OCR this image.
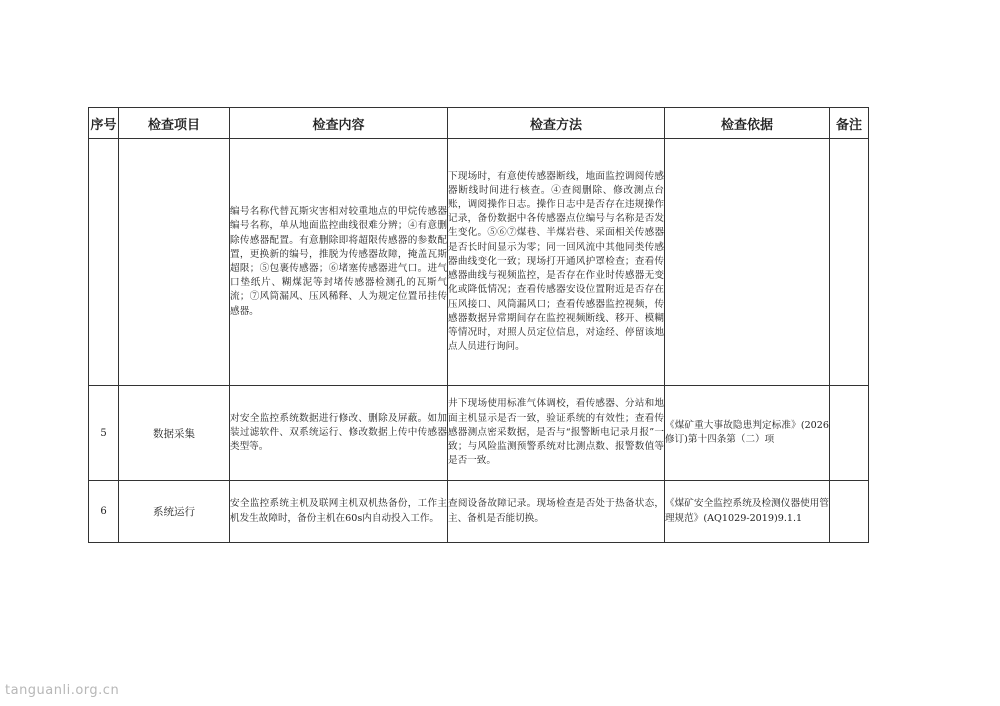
序号	检查项目	检查内容	检查方法	检查依据	备注
		编号名称代替瓦斯灾害相对较重地点的甲烷传感器编号名称，单从地面监控曲线很难分辨；④有意删除传感器配置。有意删除即将超限传感器的参数配置，更换新的编号，推脱为传感器故障，掩盖瓦斯超限；⑤包裹传感器；⑥堵塞传感器进气口。进气口垫纸片、糊煤泥等封堵传感器检测孔的瓦斯气流；⑦风筒漏风、压风稀释、人为规定位置吊挂传感器。	下现场时，有意使传感器断线，地面监控调阅传感器断线时间进行核查。④查阅删除、修改测点台账，调阅操作日志。操作日志中是否存在违规操作记录，备份数据中各传感器点位编号与名称是否发生变化。⑤⑥⑦煤巷、半煤岩巷、采面相关传感器是否长时间显示为零；同一回风流中其他同类传感器曲线变化一致；现场打开通风护罩检查；查看传感器曲线与视频监控，是否存在作业时传感器无变化或降低情况；查看传感器安设位置附近是否存在压风接口、风筒漏风口；查看传感器监控视频，传感器数据异常期间存在监控视频断线、移开、模糊等情况时，对照人员定位信息，对途经、停留该地点人员进行询问。		
5	数据采集	对安全监控系统数据进行修改、删除及屏蔽。如加装过滤软件、双系统运行、修改数据上传中传感器类型等。	井下现场使用标准气体调校，看传感器、分站和地面主机显示是否一致，验证系统的有效性；查看传感器测点密采数据，是否与“报警断电记录月报”一致；与风险监测预警系统对比测点数、报警数值等是否一致。	《煤矿重大事故隐患判定标准》(2026修订)第十四条第（二）项	
6	系统运行	安全监控系统主机及联网主机双机热备份，工作主机发生故障时，备份主机在60s内自动投入工作。	查阅设备故障记录。现场检查是否处于热备状态，主、备机是否能切换。	《煤矿安全监控系统及检测仪器使用管理规范》(AQ1029-2019)9.1.1	
tanguanli.org.cn
